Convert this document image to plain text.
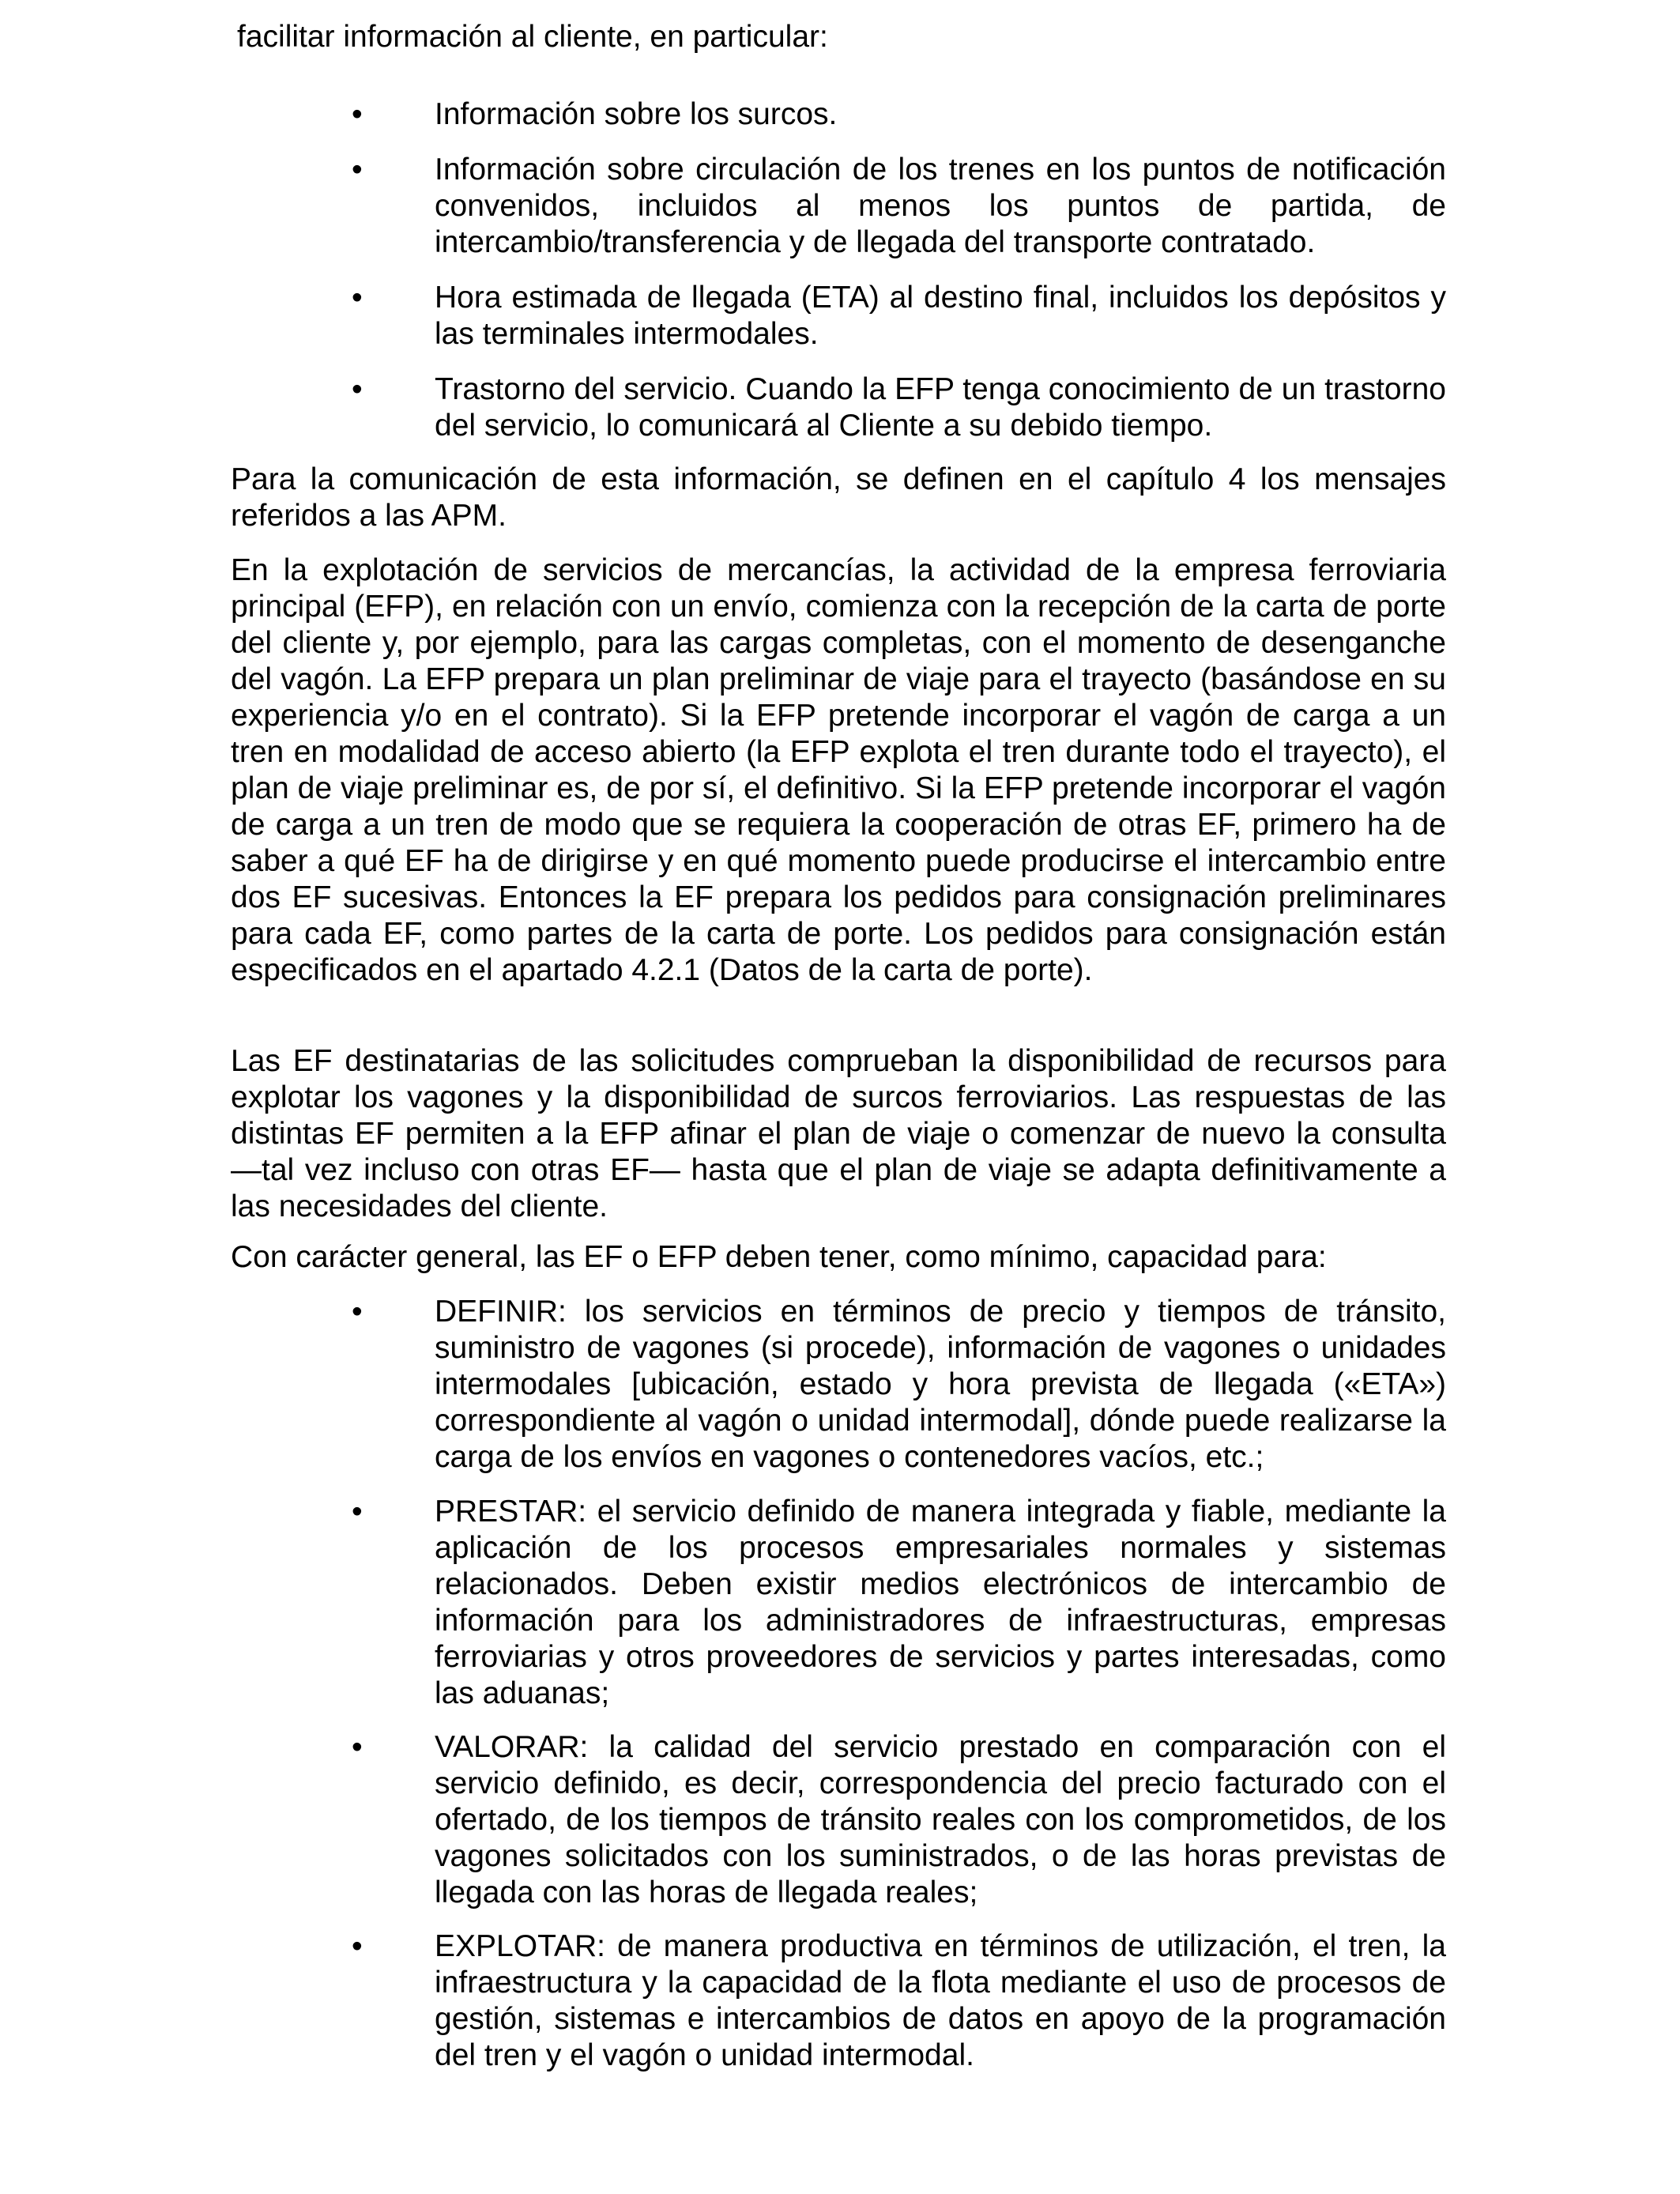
facilitar información al cliente, en particular:

•	Información sobre los surcos.

•	Información sobre circulación de los trenes en los puntos de notificación convenidos, incluidos al menos los puntos de partida, de intercambio/transferencia y de llegada del transporte contratado.

•	Hora estimada de llegada (ETA) al destino final, incluidos los depósitos y las terminales intermodales.

•	Trastorno del servicio. Cuando la EFP tenga conocimiento de un trastorno del servicio, lo comunicará al Cliente a su debido tiempo.

Para la comunicación de esta información, se definen en el capítulo 4 los mensajes referidos a las APM.

En la explotación de servicios de mercancías, la actividad de la empresa ferroviaria principal (EFP), en relación con un envío, comienza con la recepción de la carta de porte del cliente y, por ejemplo, para las cargas completas, con el momento de desenganche del vagón. La EFP prepara un plan preliminar de viaje para el trayecto (basándose en su experiencia y/o en el contrato). Si la EFP pretende incorporar el vagón de carga a un tren en modalidad de acceso abierto (la EFP explota el tren durante todo el trayecto), el plan de viaje preliminar es, de por sí, el definitivo. Si la EFP pretende incorporar el vagón de carga a un tren de modo que se requiera la cooperación de otras EF, primero ha de saber a qué EF ha de dirigirse y en qué momento puede producirse el intercambio entre dos EF sucesivas. Entonces la EF prepara los pedidos para consignación preliminares para cada EF, como partes de la carta de porte. Los pedidos para consignación están especificados en el apartado 4.2.1 (Datos de la carta de porte).

Las EF destinatarias de las solicitudes comprueban la disponibilidad de recursos para explotar los vagones y la disponibilidad de surcos ferroviarios. Las respuestas de las distintas EF permiten a la EFP afinar el plan de viaje o comenzar de nuevo la consulta —tal vez incluso con otras EF— hasta que el plan de viaje se adapta definitivamente a las necesidades del cliente.

Con carácter general, las EF o EFP deben tener, como mínimo, capacidad para:

•	DEFINIR: los servicios en términos de precio y tiempos de tránsito, suministro de vagones (si procede), información de vagones o unidades intermodales [ubicación, estado y hora prevista de llegada («ETA») correspondiente al vagón o unidad intermodal], dónde puede realizarse la carga de los envíos en vagones o contenedores vacíos, etc.;

•	PRESTAR: el servicio definido de manera integrada y fiable, mediante la aplicación de los procesos empresariales normales y sistemas relacionados. Deben existir medios electrónicos de intercambio de información para los administradores de infraestructuras, empresas ferroviarias y otros proveedores de servicios y partes interesadas, como las aduanas;

•	VALORAR: la calidad del servicio prestado en comparación con el servicio definido, es decir, correspondencia del precio facturado con el ofertado, de los tiempos de tránsito reales con los comprometidos, de los vagones solicitados con los suministrados, o de las horas previstas de llegada con las horas de llegada reales;

•	EXPLOTAR: de manera productiva en términos de utilización, el tren, la infraestructura y la capacidad de la flota mediante el uso de procesos de gestión, sistemas e intercambios de datos en apoyo de la programación del tren y el vagón o unidad intermodal.
